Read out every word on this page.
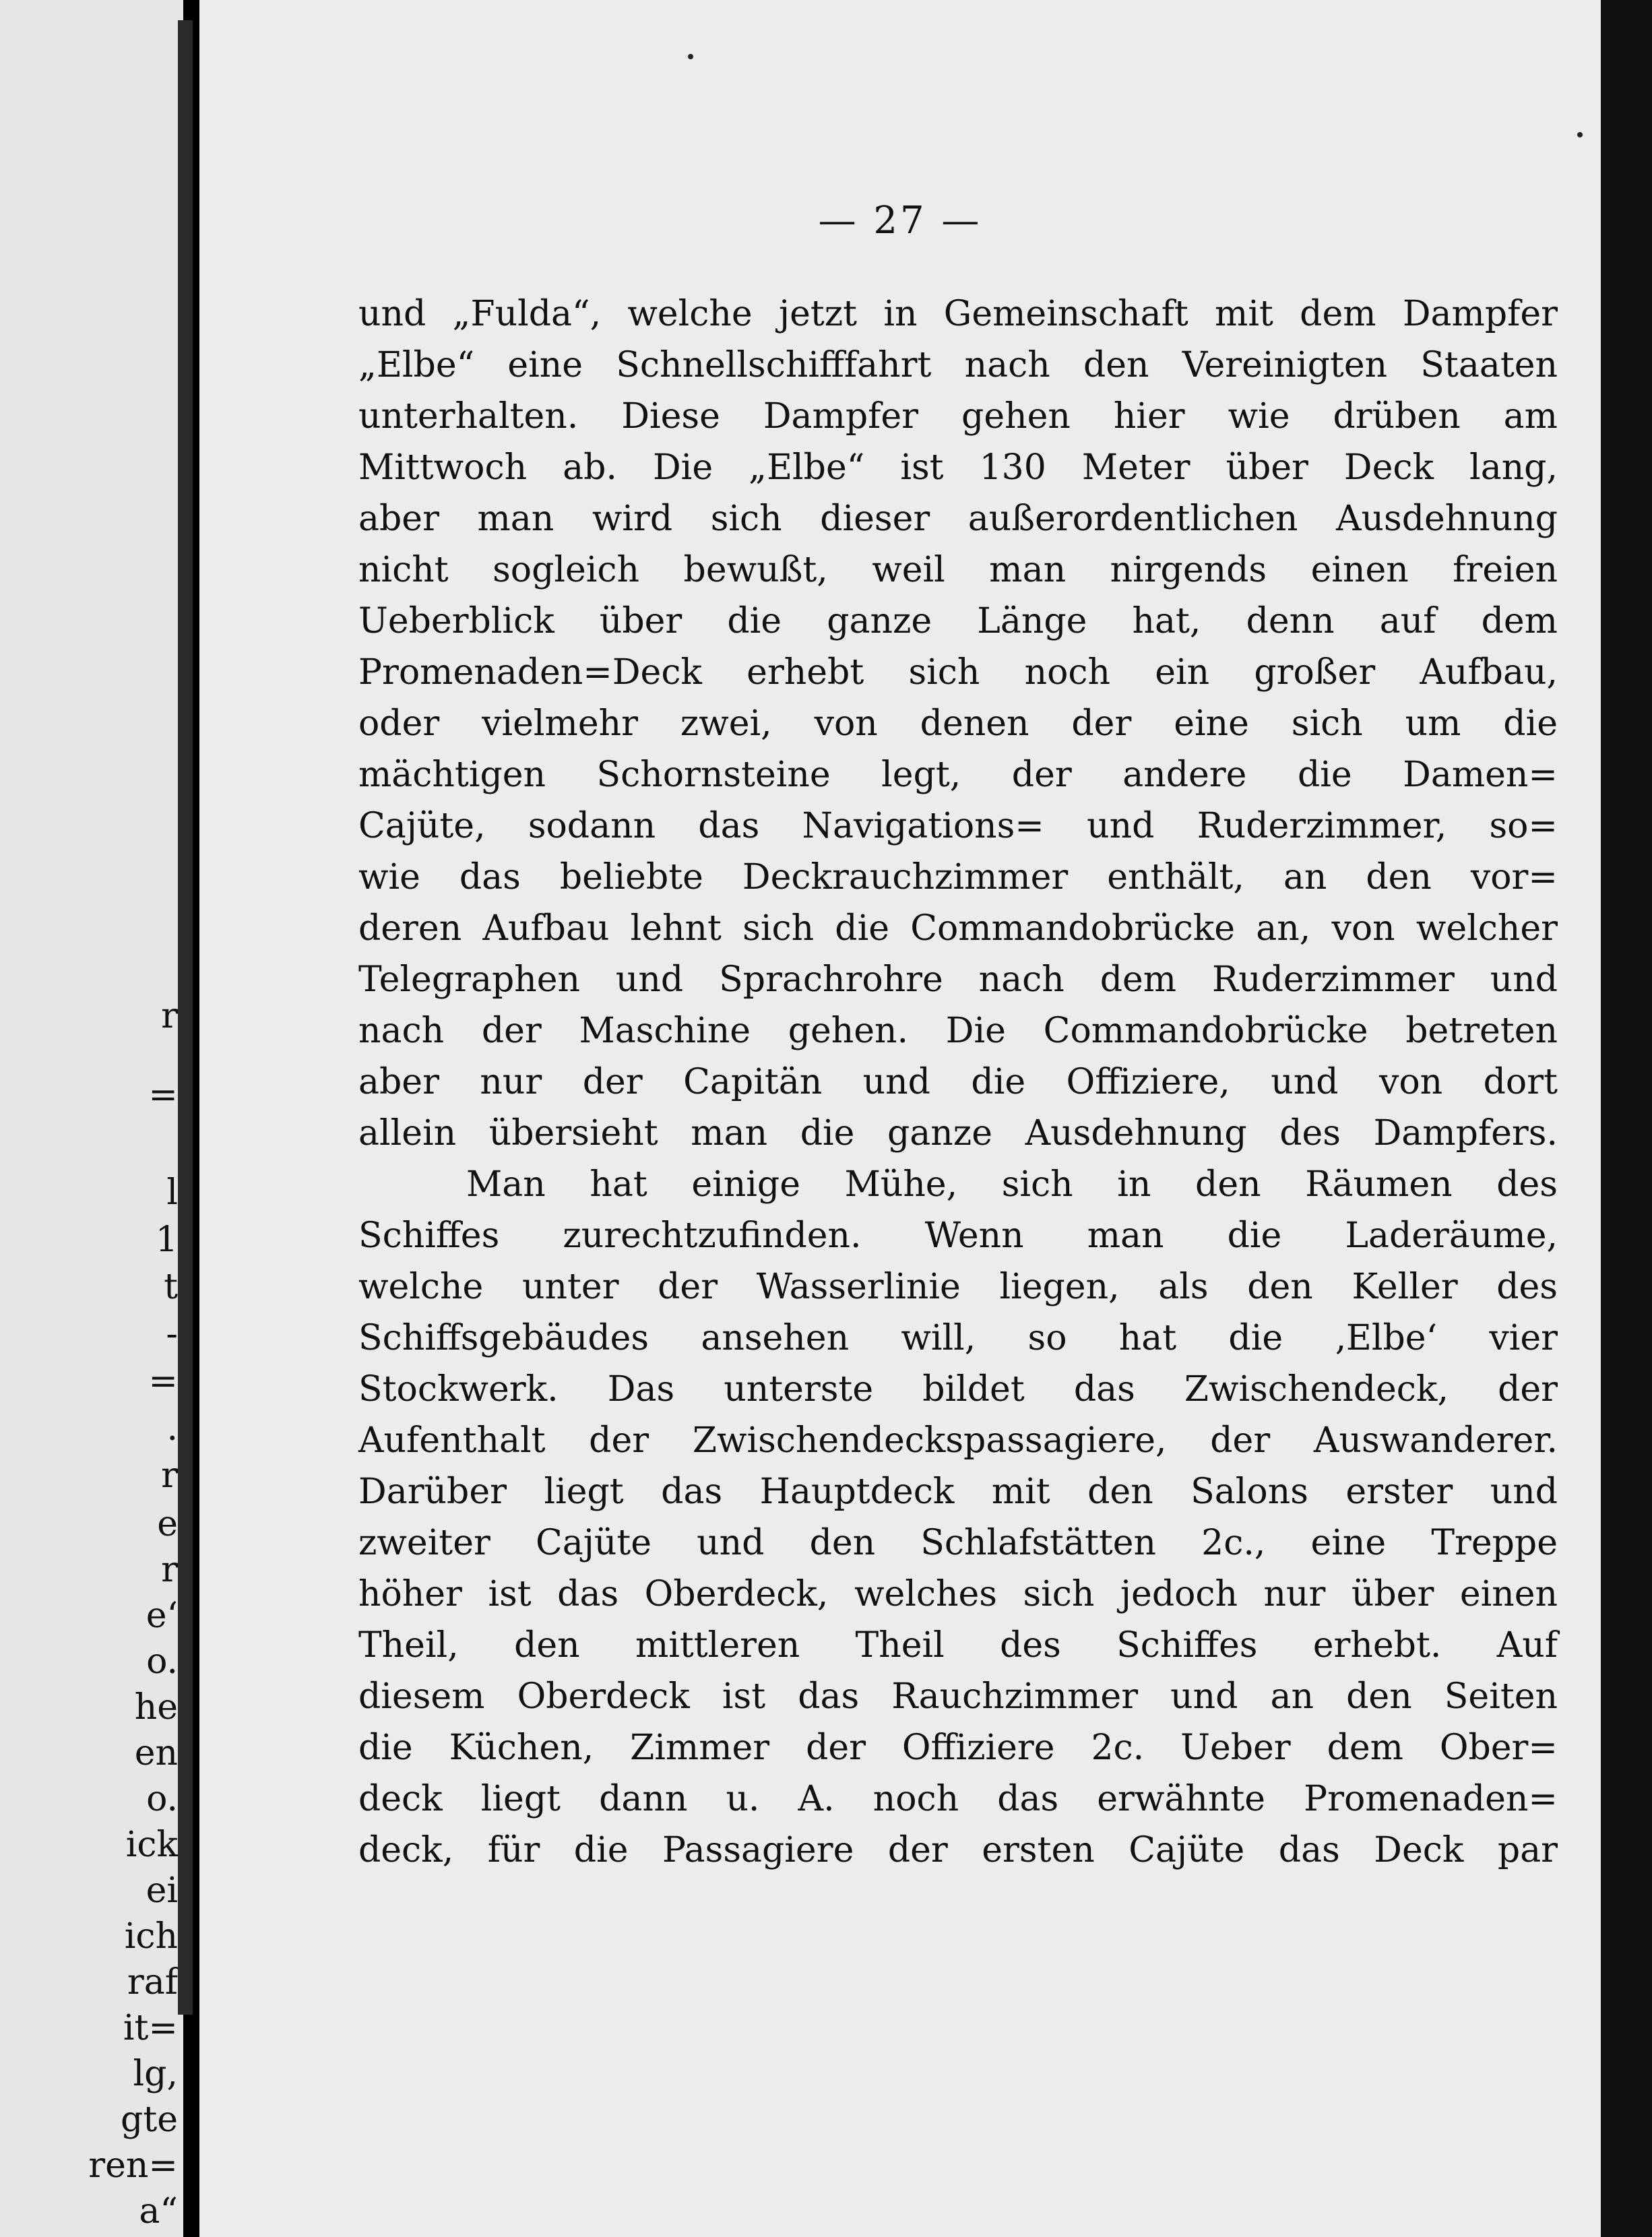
r
=
l
1
t
-
=
.
r
e
r
e‘
o.
he
en
o.
ick
ei
ich
raf
it=
lg,
gte
ren=
a“
— 27 —
und „Fulda“, welche jetzt in Gemeinschaft mit dem Dampfer
„Elbe“ eine Schnellschifffahrt nach den Vereinigten Staaten
unterhalten. Diese Dampfer gehen hier wie drüben am
Mittwoch ab. Die „Elbe“ ist 130 Meter über Deck lang,
aber man wird sich dieser außerordentlichen Ausdehnung
nicht sogleich bewußt, weil man nirgends einen freien
Ueberblick über die ganze Länge hat, denn auf dem
Promenaden=Deck erhebt sich noch ein großer Aufbau,
oder vielmehr zwei, von denen der eine sich um die
mächtigen Schornsteine legt, der andere die Damen=
Cajüte, sodann das Navigations= und Ruderzimmer, so=
wie das beliebte Deckrauchzimmer enthält, an den vor=
deren Aufbau lehnt sich die Commandobrücke an, von welcher
Telegraphen und Sprachrohre nach dem Ruderzimmer und
nach der Maschine gehen. Die Commandobrücke betreten
aber nur der Capitän und die Offiziere, und von dort
allein übersieht man die ganze Ausdehnung des Dampfers.
Man hat einige Mühe, sich in den Räumen des
Schiffes zurechtzufinden. Wenn man die Laderäume,
welche unter der Wasserlinie liegen, als den Keller des
Schiffsgebäudes ansehen will, so hat die ‚Elbe‘ vier
Stockwerk. Das unterste bildet das Zwischendeck, der
Aufenthalt der Zwischendeckspassagiere, der Auswanderer.
Darüber liegt das Hauptdeck mit den Salons erster und
zweiter Cajüte und den Schlafstätten 2c., eine Treppe
höher ist das Oberdeck, welches sich jedoch nur über einen
Theil, den mittleren Theil des Schiffes erhebt. Auf
diesem Oberdeck ist das Rauchzimmer und an den Seiten
die Küchen, Zimmer der Offiziere 2c. Ueber dem Ober=
deck liegt dann u. A. noch das erwähnte Promenaden=
deck, für die Passagiere der ersten Cajüte das Deck par
